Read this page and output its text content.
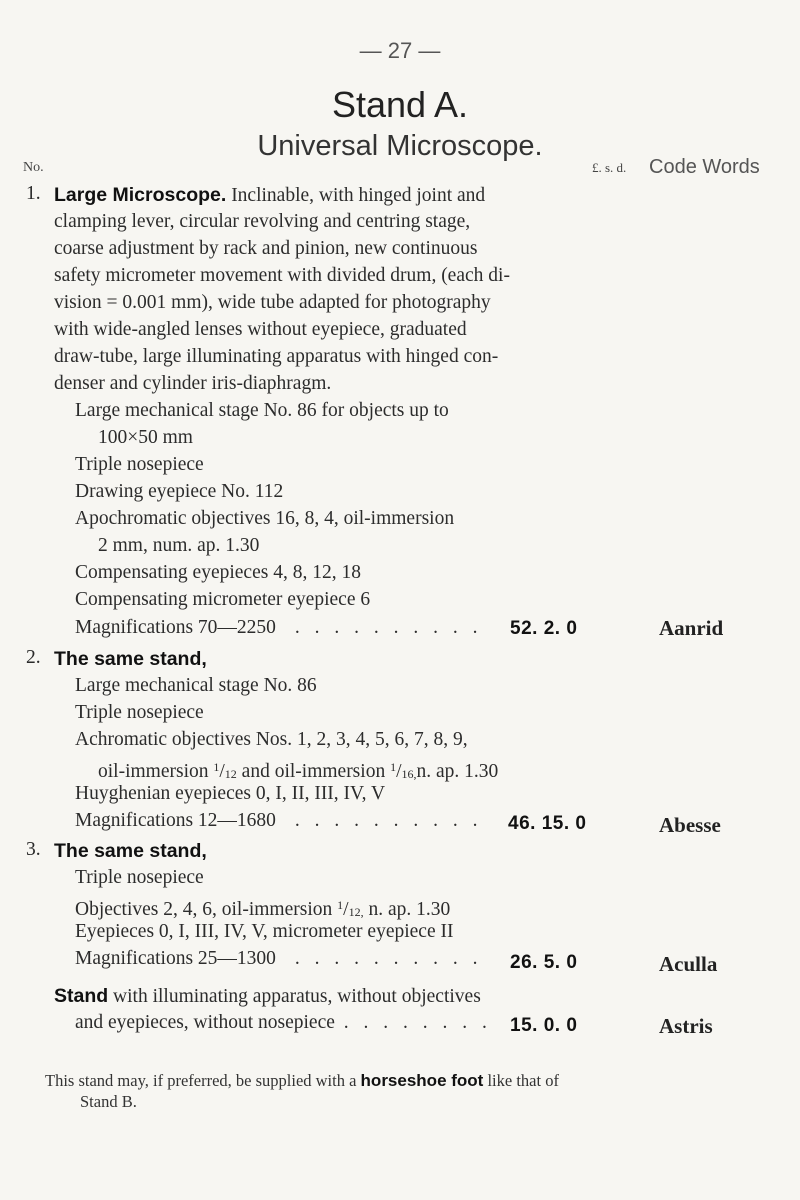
— 27 —
Stand A.
Universal Microscope.
No.	£. s. d. Code Words
1. Large Microscope. Inclinable, with hinged joint and
clamping lever, circular revolving and centring stage,
coarse adjustment by rack and pinion, new continuous
safety micrometer movement with divided drum, (each di-
vision = 0.001 mm), wide tube adapted for photography
with wide-angled lenses without eyepiece, graduated
draw-tube, large illuminating apparatus with hinged con-
denser and cylinder iris-diaphragm.
Large mechanical stage No. 86 for objects up to
100×50 mm
Triple nosepiece
Drawing eyepiece No. 112
Apochromatic objectives 16, 8, 4, oil-immersion
2 mm, num. ap. 1.30
Compensating eyepieces 4, 8, 12, 18
Compensating micrometer eyepiece 6
Magnifications 70—2250 . . . . . . . . . . 52. 2. 0	Aanrid
2. The same stand,
Large mechanical stage No. 86
Triple nosepiece
Achromatic objectives Nos. 1, 2, 3, 4, 5, 6, 7, 8, 9,
oil-immersion $^1/_{12}$ and oil-immersion $^1/_{16,}n$. ap. 1.30
Huyghenian eyepieces 0, I, II, III, IV, V
Magnifications 12—1680 . . . . . . . . . . 46. 15. 0	Abesse
3. The same stand,
Triple nosepiece
Objectives 2, 4, 6, oil-immersion $^1/_{12,}$ n. ap. 1.30
Eyepieces 0, I, III, IV, V, micrometer eyepiece II
Magnifications 25—1300 . . . . . . . . . . 26. 5. 0	Aculla
Stand with illuminating apparatus, without objectives
and eyepieces, without nosepiece . . . . . . . . 15. 0. 0	Astris
This stand may, if preferred, be supplied with a horseshoe foot like that of
Stand B.
